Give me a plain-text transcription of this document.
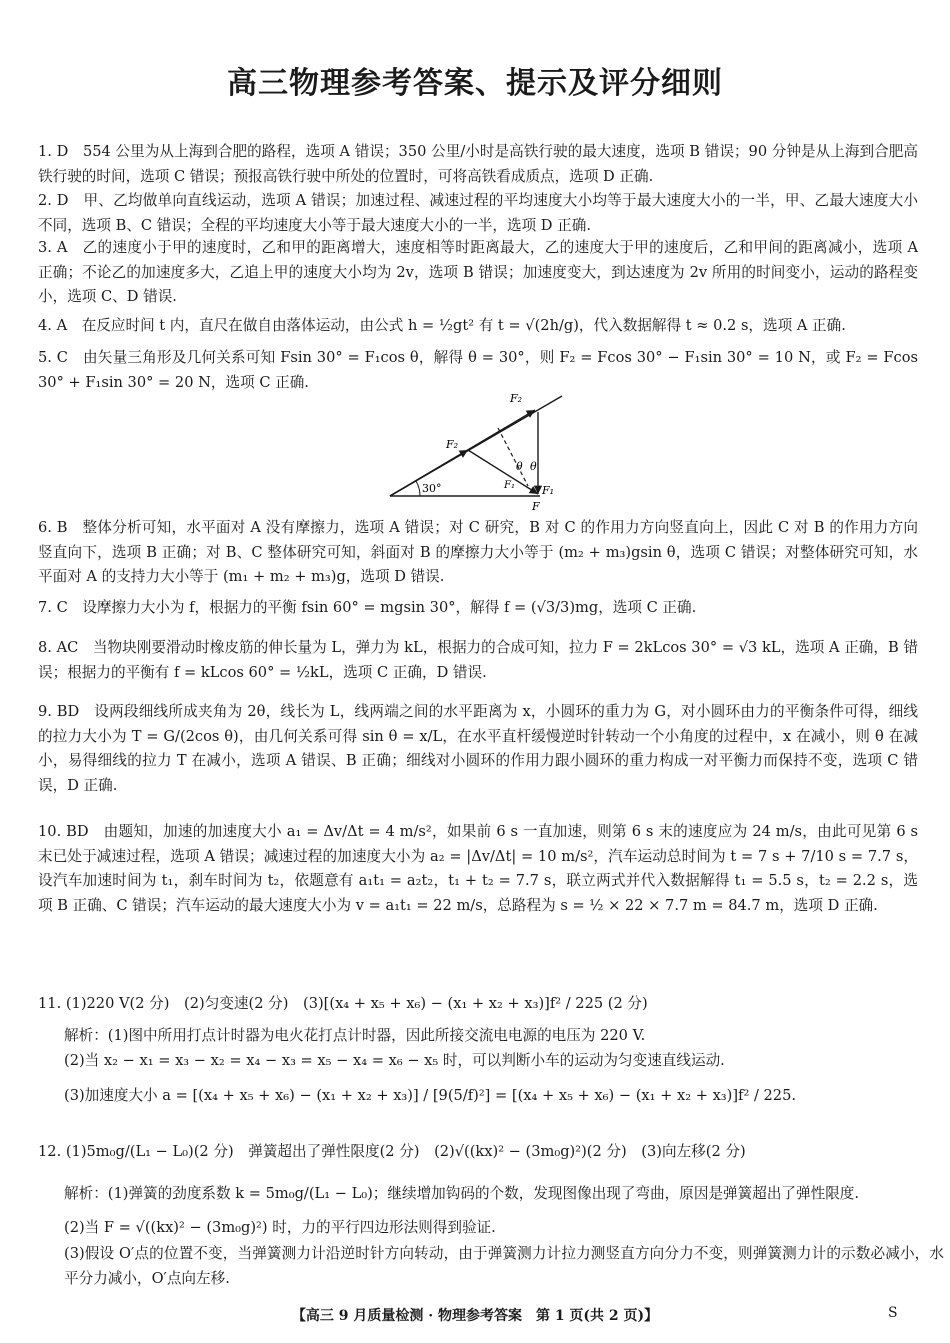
高三物理参考答案、提示及评分细则
1. D　554 公里为从上海到合肥的路程，选项 A 错误；350 公里/小时是高铁行驶的最大速度，选项 B 错误；90 分钟是从上海到合肥高铁行驶的时间，选项 C 错误；预报高铁行驶中所处的位置时，可将高铁看成质点，选项 D 正确.
2. D　甲、乙均做单向直线运动，选项 A 错误；加速过程、减速过程的平均速度大小均等于最大速度大小的一半，甲、乙最大速度大小不同，选项 B、C 错误；全程的平均速度大小等于最大速度大小的一半，选项 D 正确.
3. A　乙的速度小于甲的速度时，乙和甲的距离增大，速度相等时距离最大，乙的速度大于甲的速度后，乙和甲间的距离减小，选项 A 正确；不论乙的加速度多大，乙追上甲的速度大小均为 2v，选项 B 错误；加速度变大，到达速度为 2v 所用的时间变小，运动的路程变小，选项 C、D 错误.
4. A　在反应时间 t 内，直尺在做自由落体运动，由公式 h = ½gt² 有 t = √(2h/g)，代入数据解得 t ≈ 0.2 s，选项 A 正确.
5. C　由矢量三角形及几何关系可知 Fsin 30° = F₁cos θ，解得 θ = 30°，则 F₂ = Fcos 30° − F₁sin 30° = 10 N，或 F₂ = Fcos 30° + F₁sin 30° = 20 N，选项 C 正确.
F₂
F₂
F₁ F₁
F
θ θ
30°
6. B　整体分析可知，水平面对 A 没有摩擦力，选项 A 错误；对 C 研究，B 对 C 的作用力方向竖直向上，因此 C 对 B 的作用力方向竖直向下，选项 B 正确；对 B、C 整体研究可知，斜面对 B 的摩擦力大小等于 (m₂ + m₃)gsin θ，选项 C 错误；对整体研究可知，水平面对 A 的支持力大小等于 (m₁ + m₂ + m₃)g，选项 D 错误.
7. C　设摩擦力大小为 f，根据力的平衡 fsin 60° = mgsin 30°，解得 f = (√3/3)mg，选项 C 正确.
8. AC　当物块刚要滑动时橡皮筋的伸长量为 L，弹力为 kL，根据力的合成可知，拉力 F = 2kLcos 30° = √3 kL，选项 A 正确，B 错误；根据力的平衡有 f = kLcos 60° = ½kL，选项 C 正确，D 错误.
9. BD　设两段细线所成夹角为 2θ，线长为 L，线两端之间的水平距离为 x，小圆环的重力为 G，对小圆环由力的平衡条件可得，细线的拉力大小为 T = G/(2cos θ)，由几何关系可得 sin θ = x/L，在水平直杆缓慢逆时针转动一个小角度的过程中，x 在减小，则 θ 在减小，易得细线的拉力 T 在减小，选项 A 错误、B 正确；细线对小圆环的作用力跟小圆环的重力构成一对平衡力而保持不变，选项 C 错误，D 正确.
10. BD　由题知，加速的加速度大小 a₁ = Δv/Δt = 4 m/s²，如果前 6 s 一直加速，则第 6 s 末的速度应为 24 m/s，由此可见第 6 s 末已处于减速过程，选项 A 错误；减速过程的加速度大小为 a₂ = |Δv/Δt| = 10 m/s²，汽车运动总时间为 t = 7 s + 7/10 s = 7.7 s，设汽车加速时间为 t₁，刹车时间为 t₂，依题意有 a₁t₁ = a₂t₂，t₁ + t₂ = 7.7 s，联立两式并代入数据解得 t₁ = 5.5 s，t₂ = 2.2 s，选项 B 正确、C 错误；汽车运动的最大速度大小为 v = a₁t₁ = 22 m/s，总路程为 s = ½ × 22 × 7.7 m = 84.7 m，选项 D 正确.
11. (1)220 V(2 分)　(2)匀变速(2 分)　(3)[(x₄ + x₅ + x₆) − (x₁ + x₂ + x₃)]f² / 225 (2 分)
解析：(1)图中所用打点计时器为电火花打点计时器，因此所接交流电电源的电压为 220 V.
(2)当 x₂ − x₁ = x₃ − x₂ = x₄ − x₃ = x₅ − x₄ = x₆ − x₅ 时，可以判断小车的运动为匀变速直线运动.
(3)加速度大小 a = [(x₄ + x₅ + x₆) − (x₁ + x₂ + x₃)] / [9(5/f)²] = [(x₄ + x₅ + x₆) − (x₁ + x₂ + x₃)]f² / 225.
12. (1)5m₀g/(L₁ − L₀)(2 分)　弹簧超出了弹性限度(2 分)　(2)√((kx)² − (3m₀g)²)(2 分)　(3)向左移(2 分)
解析：(1)弹簧的劲度系数 k = 5m₀g/(L₁ − L₀)；继续增加钩码的个数，发现图像出现了弯曲，原因是弹簧超出了弹性限度.
(2)当 F = √((kx)² − (3m₀g)²) 时，力的平行四边形法则得到验证.
(3)假设 O′点的位置不变，当弹簧测力计沿逆时针方向转动，由于弹簧测力计拉力测竖直方向分力不变，则弹簧测力计的示数必减小，水平分力减小，O′点向左移.
【高三 9 月质量检测 · 物理参考答案　第 1 页(共 2 页)】	S
